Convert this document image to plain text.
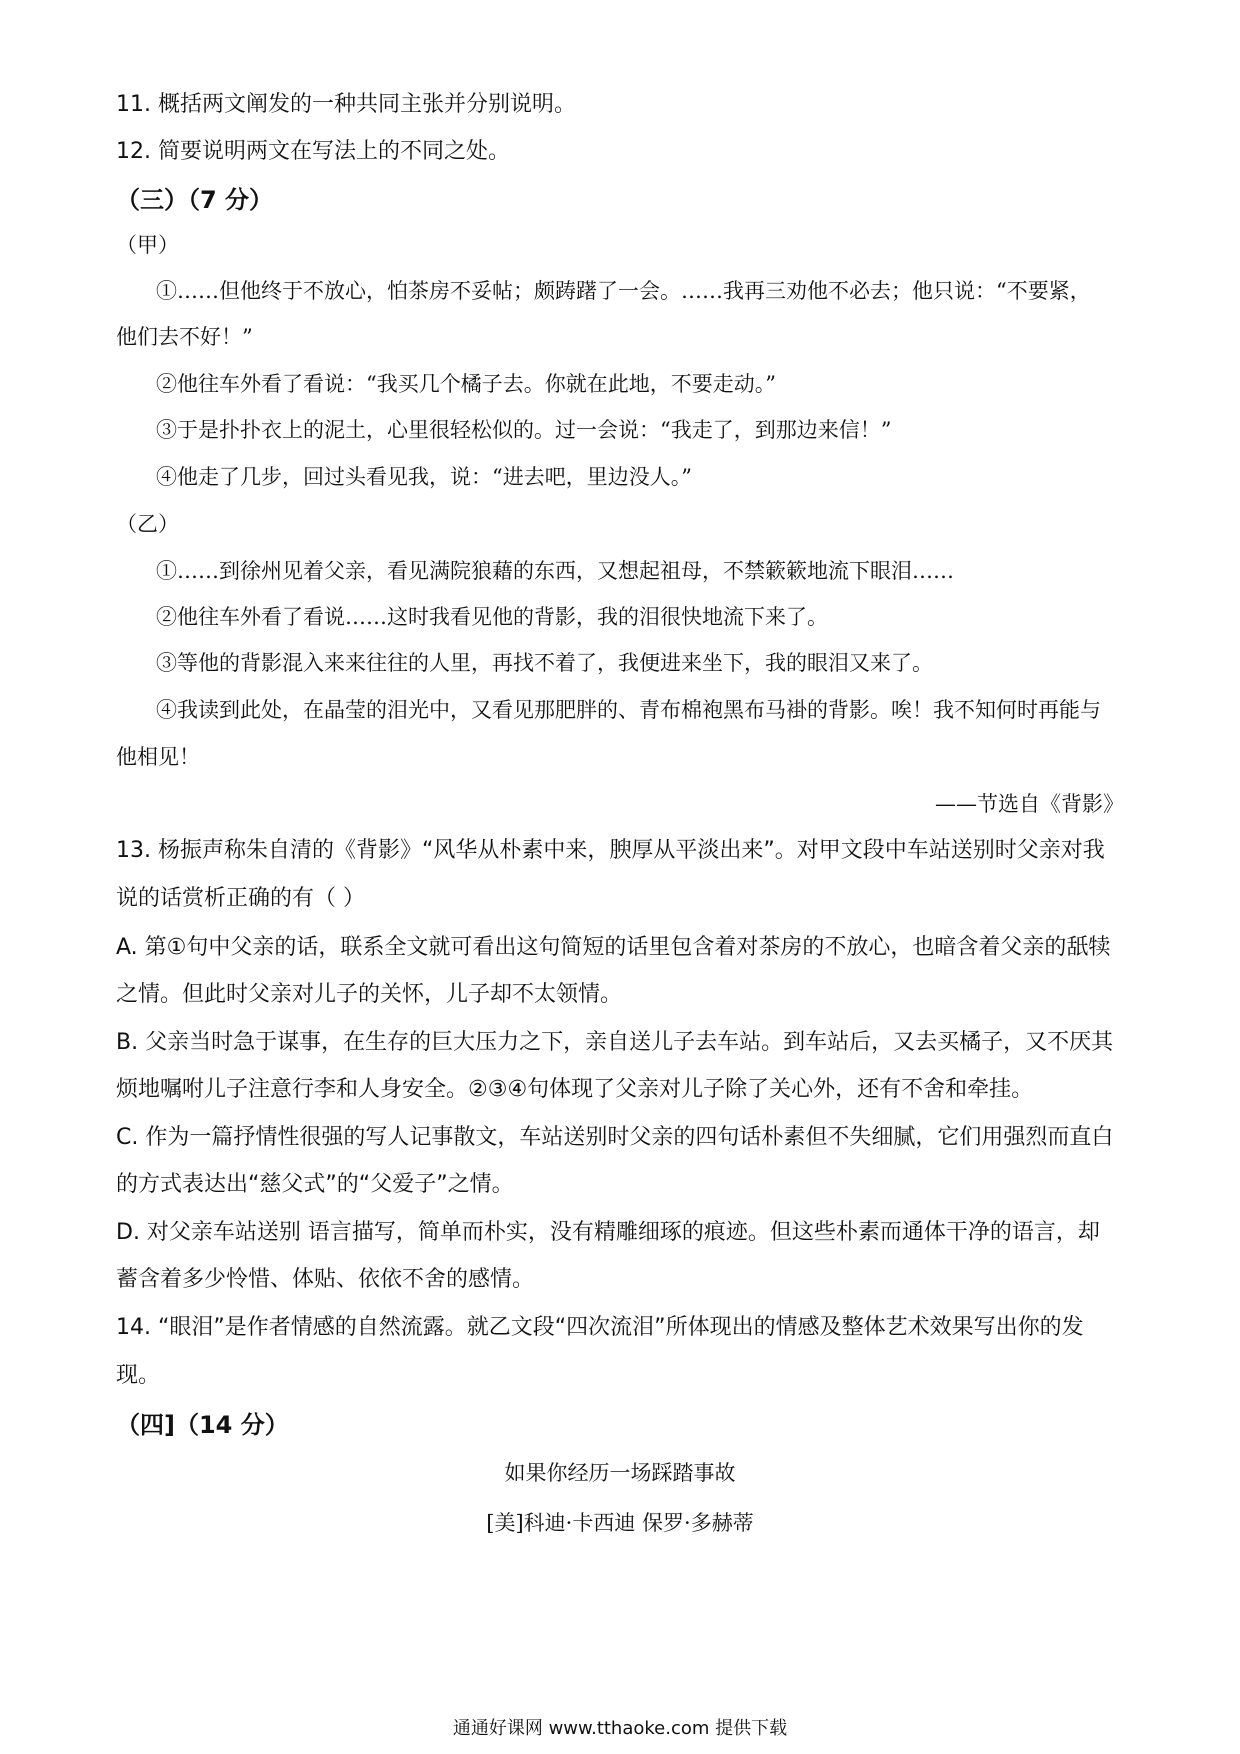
11. 概括两文阐发的一种共同主张并分别说明。
12. 简要说明两文在写法上的不同之处。
（三）（7 分）
（甲）
①……但他终于不放心，怕茶房不妥帖；颇踌躇了一会。……我再三劝他不必去；他只说：“不要紧，
他们去不好！”
②他往车外看了看说：“我买几个橘子去。你就在此地，不要走动。”
③于是扑扑衣上的泥土，心里很轻松似的。过一会说：“我走了，到那边来信！”
④他走了几步，回过头看见我，说：“进去吧，里边没人。”
（乙）
①……到徐州见着父亲，看见满院狼藉的东西，又想起祖母，不禁簌簌地流下眼泪……
②他往车外看了看说……这时我看见他的背影，我的泪很快地流下来了。
③等他的背影混入来来往往的人里，再找不着了，我便进来坐下，我的眼泪又来了。
④我读到此处，在晶莹的泪光中，又看见那肥胖的、青布棉袍黑布马褂的背影。唉！我不知何时再能与
他相见！
——节选自《背影》
13. 杨振声称朱自清的《背影》“风华从朴素中来，腴厚从平淡出来”。对甲文段中车站送别时父亲对我
说的话赏析正确的有（ ）
A. 第①句中父亲的话，联系全文就可看出这句简短的话里包含着对茶房的不放心，也暗含着父亲的舐犊
之情。但此时父亲对儿子的关怀，儿子却不太领情。
B. 父亲当时急于谋事，在生存的巨大压力之下，亲自送儿子去车站。到车站后，又去买橘子，又不厌其
烦地嘱咐儿子注意行李和人身安全。②③④句体现了父亲对儿子除了关心外，还有不舍和牵挂。
C. 作为一篇抒情性很强的写人记事散文，车站送别时父亲的四句话朴素但不失细腻，它们用强烈而直白
的方式表达出“慈父式”的“父爱子”之情。
D. 对父亲车站送别 语言描写，简单而朴实，没有精雕细琢的痕迹。但这些朴素而通体干净的语言，却
蓄含着多少怜惜、体贴、依依不舍的感情。
14. “眼泪”是作者情感的自然流露。就乙文段“四次流泪”所体现出的情感及整体艺术效果写出你的发
现。
（四]（14 分）
如果你经历一场踩踏事故
[美]科迪·卡西迪 保罗·多赫蒂
通通好课网 www.tthaoke.com 提供下载
